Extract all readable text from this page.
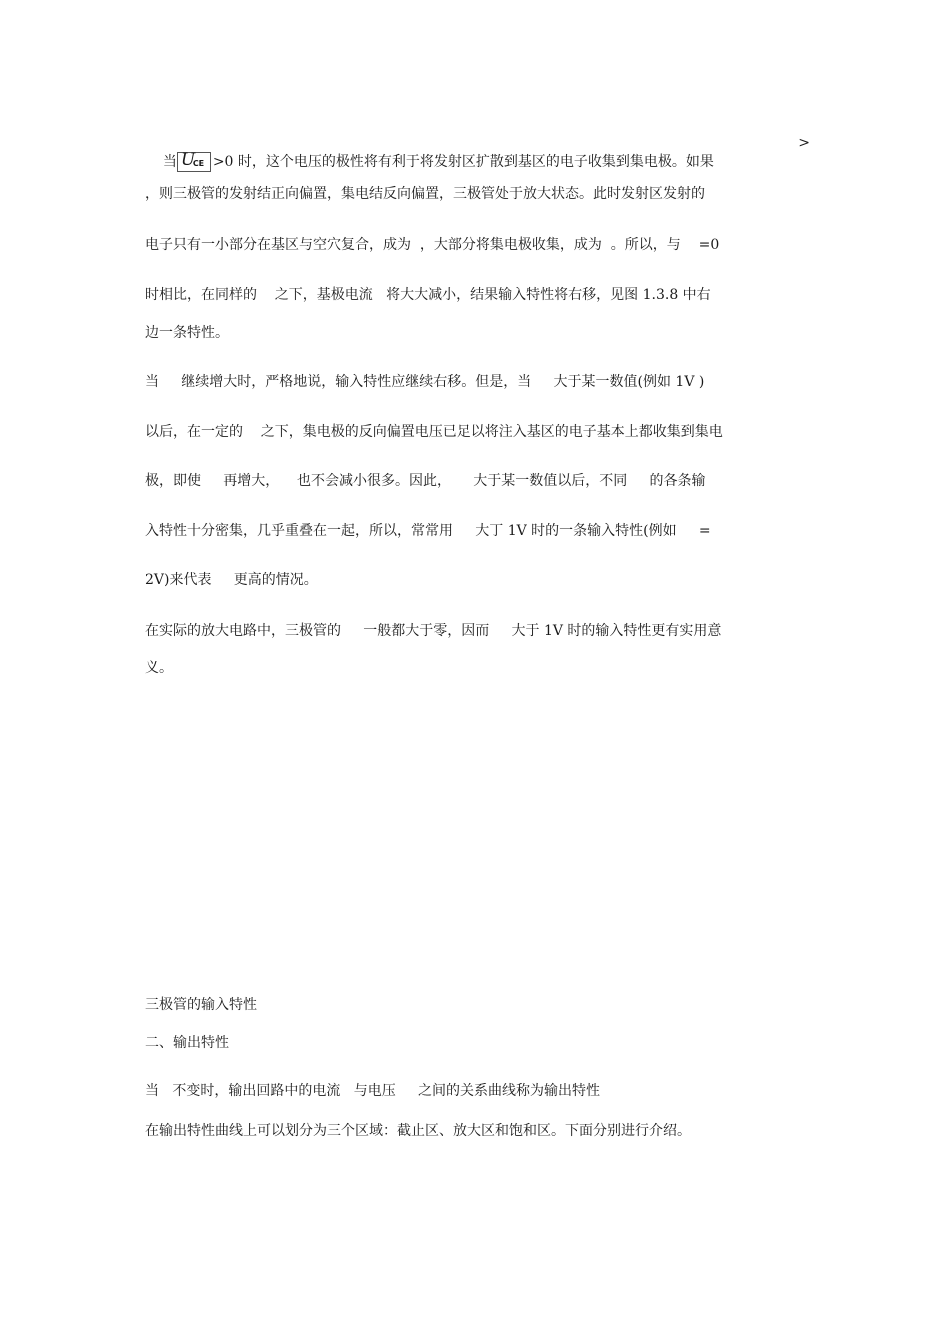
当 U
CE >0 时，这个电压的极性将有利于将发射区扩散到基区的电子收集到集电极。如果

>

，则三极管的发射结正向偏置，集电结反向偏置，三极管处于放大状态。此时发射区发射的
电子只有一小部分在基区与空穴复合，成为  ，大部分将集电极收集，成为  。所以，与    =0
时相比，在同样的    之下，基极电流   将大大减小，结果输入特性将右移，见图 1.3.8 中右
边一条特性。
当     继续增大时，严格地说，输入特性应继续右移。但是，当     大于某一数值(例如 1V )
以后，在一定的    之下，集电极的反向偏置电压已足以将注入基区的电子基本上都收集到集电
极，即使     再增大，    也不会减小很多。因此，     大于某一数值以后，不同     的各条输
入特性十分密集，几乎重叠在一起，所以，常常用     大丁 1V 时的一条输入特性(例如     =
2V)来代表     更高的情况。
在实际的放大电路中，三极管的     一般都大于零，因而     大于 1V 时的输入特性更有实用意
义。
三极管的输入特性
二、输出特性
当   不变时，输出回路中的电流   与电压     之间的关系曲线称为输出特性
在输出特性曲线上可以划分为三个区域：截止区、放大区和饱和区。下面分别进行介绍。
